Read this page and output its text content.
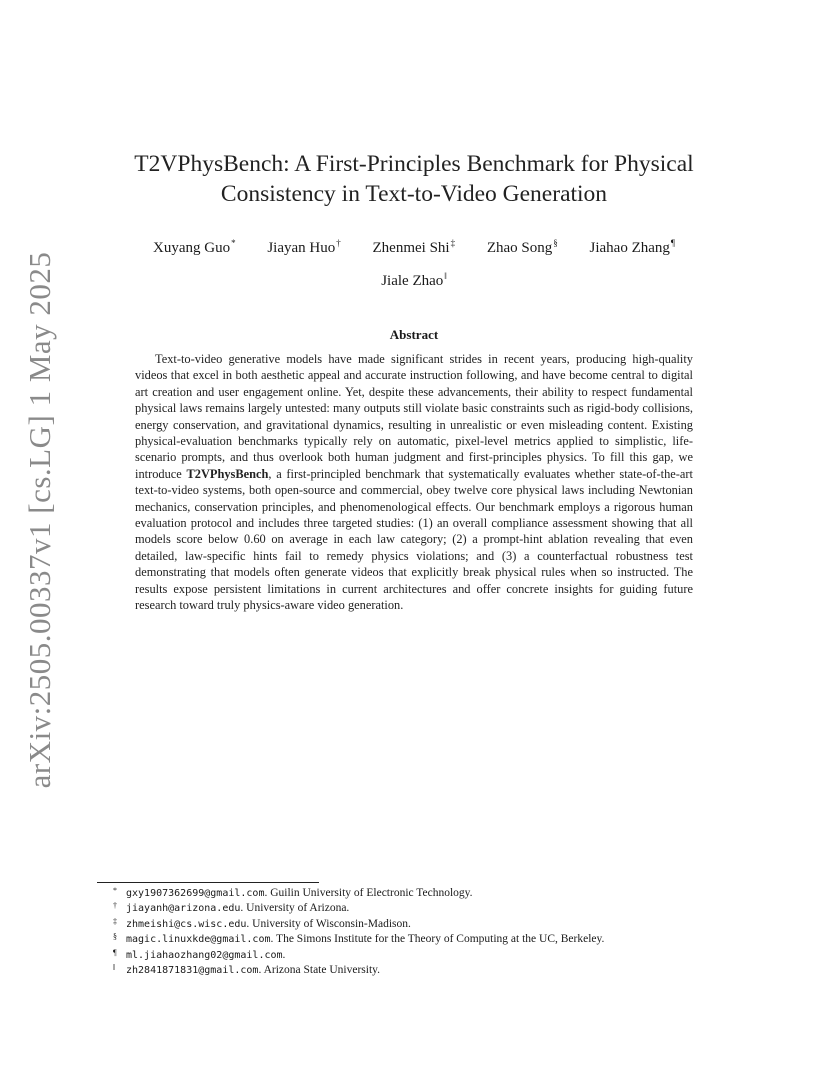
arXiv:2505.00337v1 [cs.LG] 1 May 2025
T2VPhysBench: A First-Principles Benchmark for Physical
Consistency in Text-to-Video Generation
Xuyang Guo* Jiayan Huo† Zhenmei Shi‡ Zhao Song§ Jiahao Zhang¶
Jiale Zhao‖
Abstract
Text-to-video generative models have made significant strides in recent years, producing high-quality videos that excel in both aesthetic appeal and accurate instruction following, and have become central to digital art creation and user engagement online. Yet, despite these advancements, their ability to respect fundamental physical laws remains largely untested: many outputs still violate basic constraints such as rigid-body collisions, energy conservation, and gravitational dynamics, resulting in unrealistic or even misleading content. Existing physical-evaluation benchmarks typically rely on automatic, pixel-level metrics applied to simplistic, life-scenario prompts, and thus overlook both human judgment and first-principles physics. To fill this gap, we introduce T2VPhysBench, a first-principled benchmark that systematically evaluates whether state-of-the-art text-to-video systems, both open-source and commercial, obey twelve core physical laws including Newtonian mechanics, conservation principles, and phenomenological effects. Our benchmark employs a rigorous human evaluation protocol and includes three targeted studies: (1) an overall compliance assessment showing that all models score below 0.60 on average in each law category; (2) a prompt-hint ablation revealing that even detailed, law-specific hints fail to remedy physics violations; and (3) a counterfactual robustness test demonstrating that models often generate videos that explicitly break physical rules when so instructed. The results expose persistent limitations in current architectures and offer concrete insights for guiding future research toward truly physics-aware video generation.
* gxy1907362699@gmail.com. Guilin University of Electronic Technology.
† jiayanh@arizona.edu. University of Arizona.
‡ zhmeishi@cs.wisc.edu. University of Wisconsin-Madison.
§ magic.linuxkde@gmail.com. The Simons Institute for the Theory of Computing at the UC, Berkeley.
¶ ml.jiahaozhang02@gmail.com.
‖ zh2841871831@gmail.com. Arizona State University.
